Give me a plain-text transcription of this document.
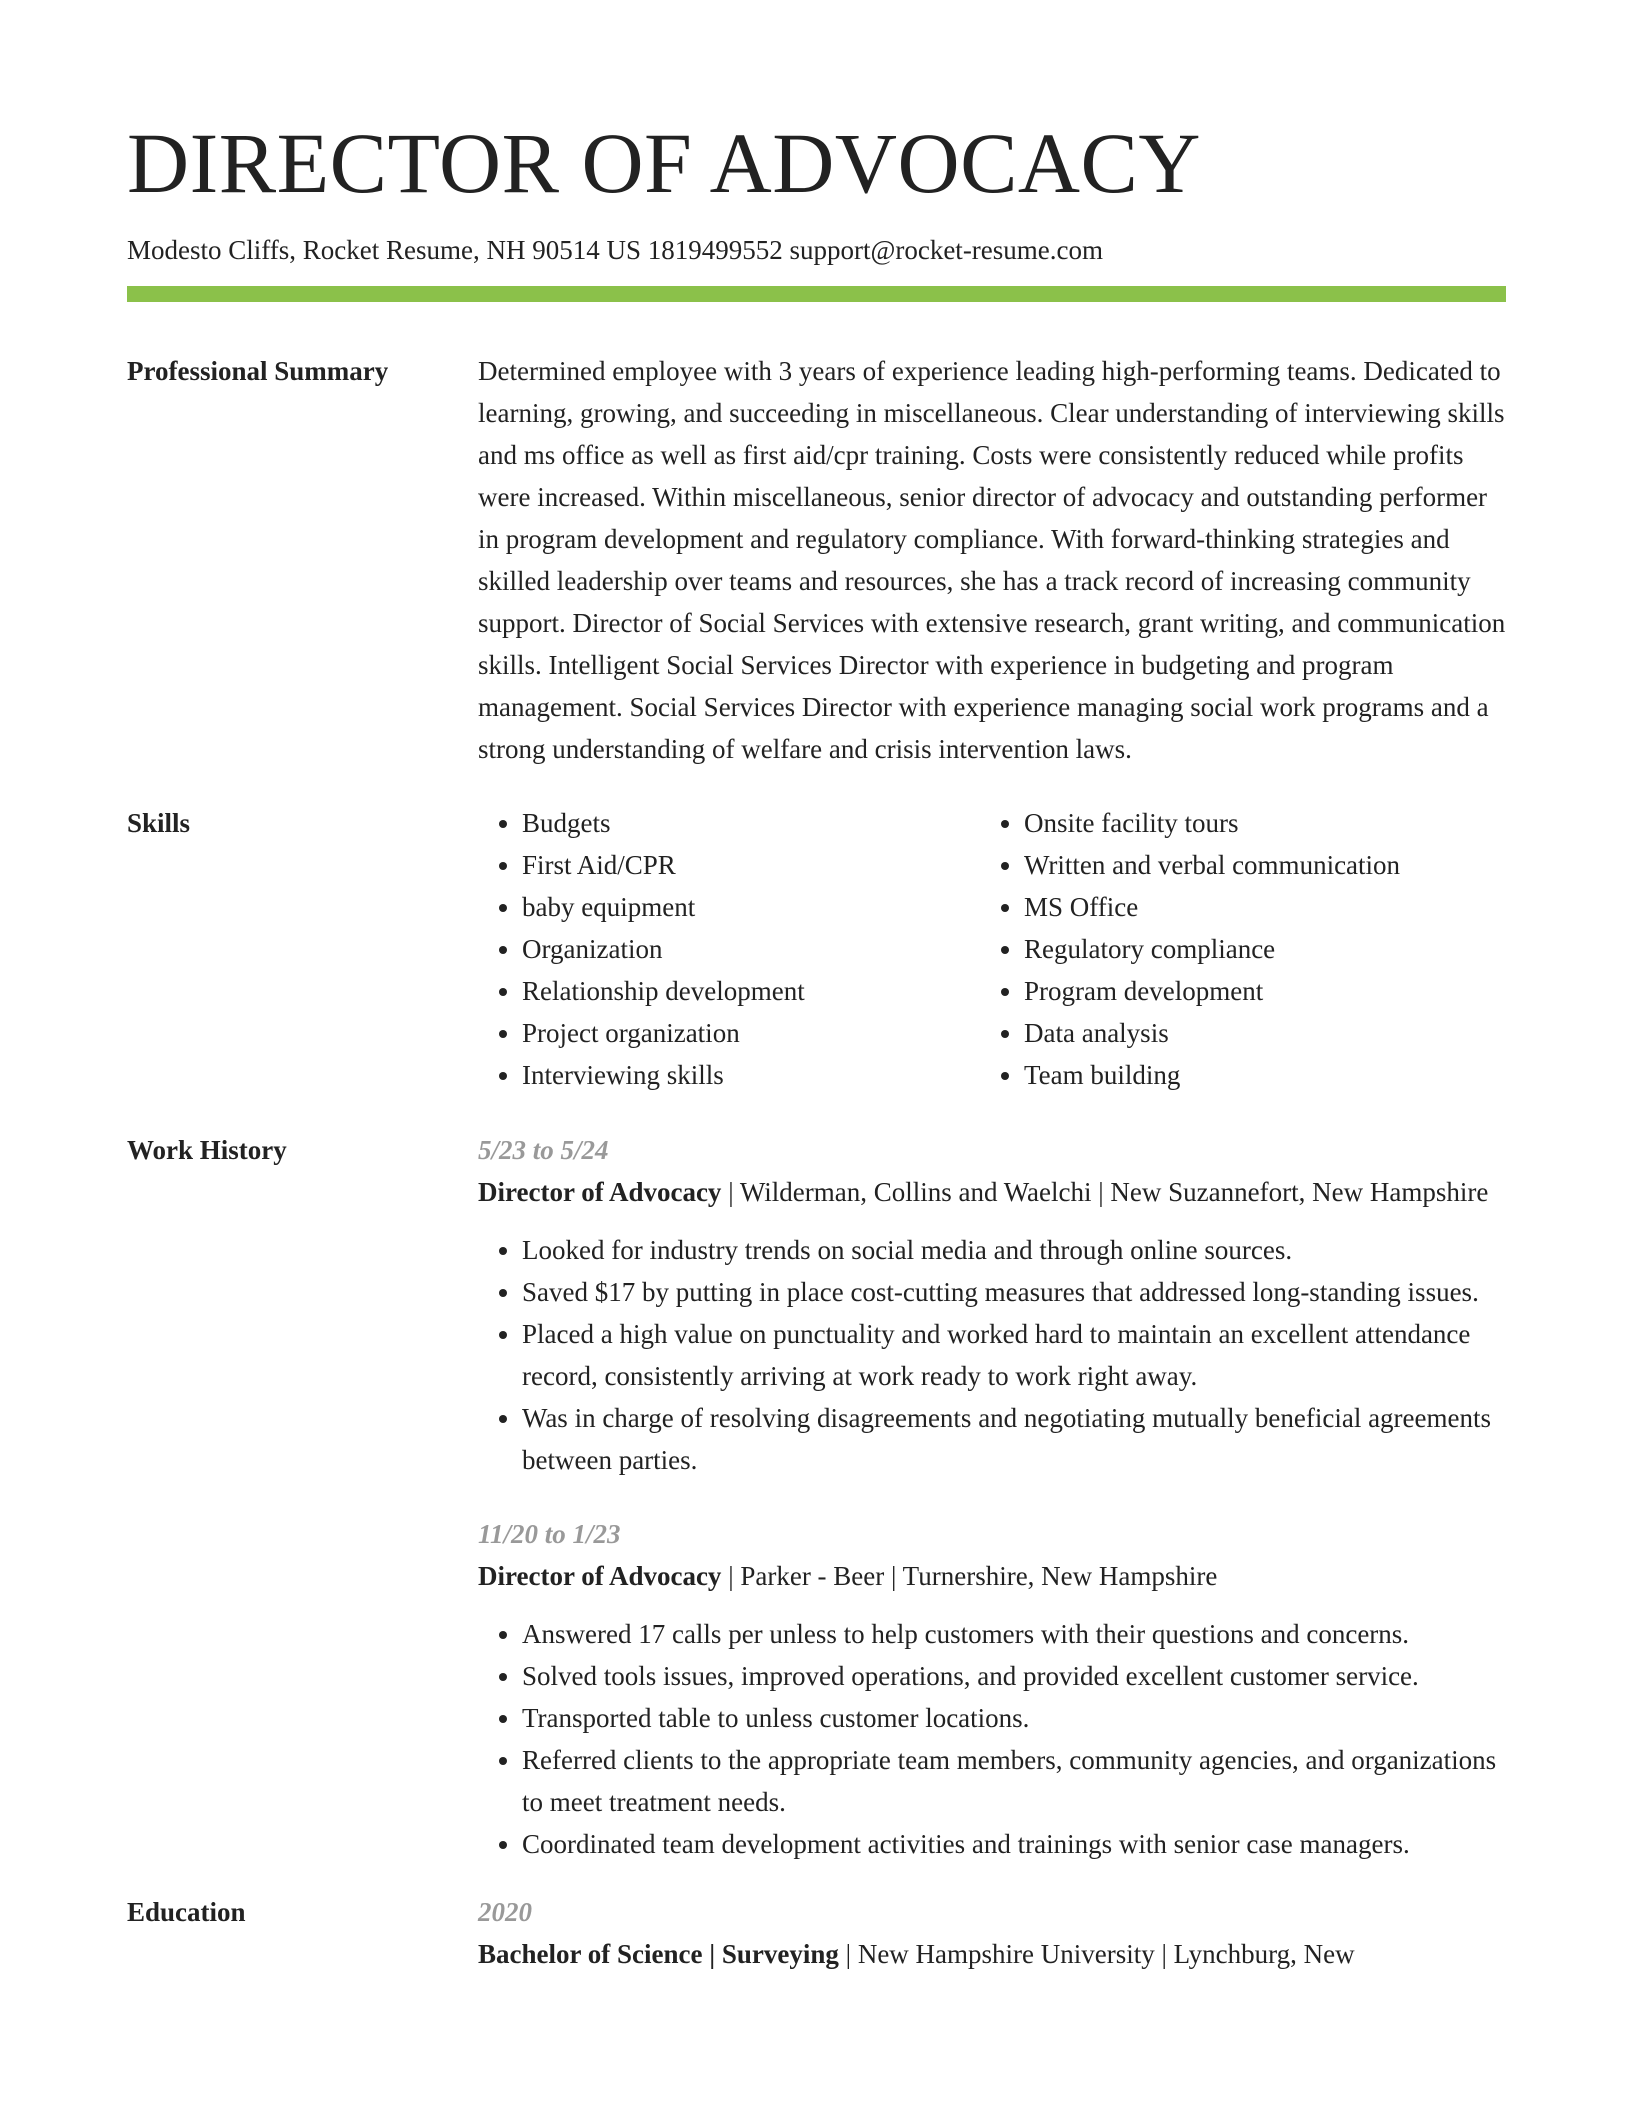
DIRECTOR OF ADVOCACY
Modesto Cliffs, Rocket Resume, NH 90514 US 1819499552 support@rocket-resume.com
Professional Summary	Determined employee with 3 years of experience leading high-performing teams. Dedicated to learning, growing, and succeeding in miscellaneous. Clear understanding of interviewing skills and ms office as well as first aid/cpr training. Costs were consistently reduced while profits were increased. Within miscellaneous, senior director of advocacy and outstanding performer in program development and regulatory compliance. With forward-thinking strategies and skilled leadership over teams and resources, she has a track record of increasing community support. Director of Social Services with extensive research, grant writing, and communication skills. Intelligent Social Services Director with experience in budgeting and program management. Social Services Director with experience managing social work programs and a strong understanding of welfare and crisis intervention laws.
Skills
•	Budgets
• First Aid/CPR
• baby equipment
• Organization
• Relationship development
• Project organization
• Interviewing skills
• Onsite facility tours
• Written and verbal communication
• MS Office
• Regulatory compliance
• Program development
• Data analysis
• Team building
Work History	5/23 to 5/24
Director of Advocacy | Wilderman, Collins and Waelchi | New Suzannefort, New Hampshire
• Looked for industry trends on social media and through online sources.
• Saved $17 by putting in place cost-cutting measures that addressed long-standing issues.
• Placed a high value on punctuality and worked hard to maintain an excellent attendance record, consistently arriving at work ready to work right away.
• Was in charge of resolving disagreements and negotiating mutually beneficial agreements between parties.
11/20 to 1/23
Director of Advocacy | Parker - Beer | Turnershire, New Hampshire
• Answered 17 calls per unless to help customers with their questions and concerns.
• Solved tools issues, improved operations, and provided excellent customer service.
• Transported table to unless customer locations.
• Referred clients to the appropriate team members, community agencies, and organizations to meet treatment needs.
• Coordinated team development activities and trainings with senior case managers.
Education	2020
Bachelor of Science | Surveying | New Hampshire University | Lynchburg, New
